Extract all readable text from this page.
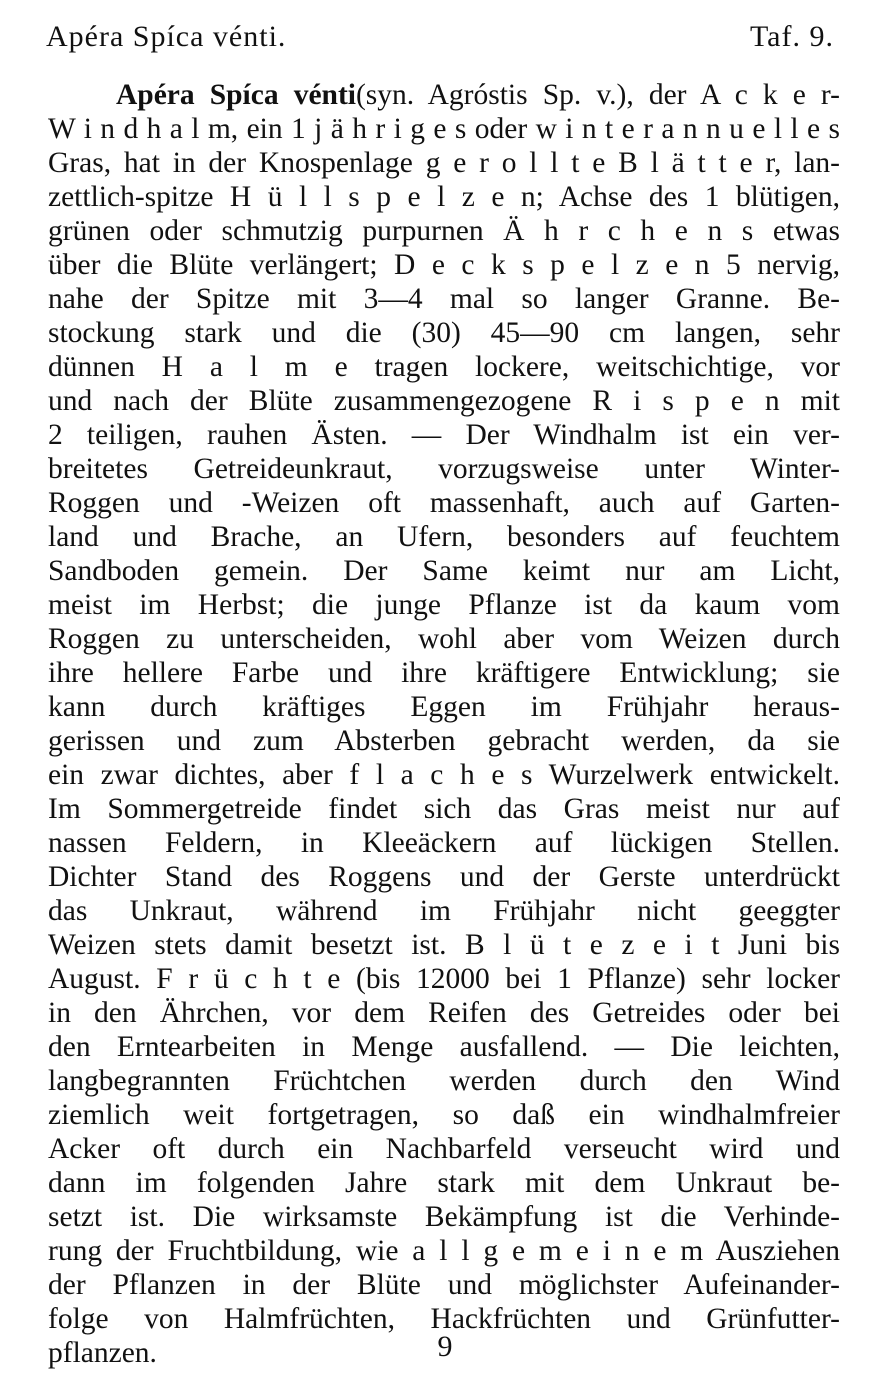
Apéra Spíca vénti.	Taf. 9.
Apéra Spíca vénti(syn. Agróstis Sp. v.), der A c k e r-
W i n d h a l m, ein 1 j ä h r i g e s oder w i n t e r a n n u e l l e s
Gras, hat in der Knospenlage g e r o l l t e B l ä t t e r, lan-
zettlich-spitze H ü l l s p e l z e n; Achse des 1 blütigen,
grünen oder schmutzig purpurnen Ä h r c h e n s etwas
über die Blüte verlängert; D e c k s p e l z e n 5 nervig,
nahe der Spitze mit 3—4 mal so langer Granne. Be-
stockung stark und die (30) 45—90 cm langen, sehr
dünnen H a l m e tragen lockere, weitschichtige, vor
und nach der Blüte zusammengezogene R i s p e n mit
2 teiligen, rauhen Ästen. — Der Windhalm ist ein ver-
breitetes Getreideunkraut, vorzugsweise unter Winter-
Roggen und -Weizen oft massenhaft, auch auf Garten-
land und Brache, an Ufern, besonders auf feuchtem
Sandboden gemein. Der Same keimt nur am Licht,
meist im Herbst; die junge Pflanze ist da kaum vom
Roggen zu unterscheiden, wohl aber vom Weizen durch
ihre hellere Farbe und ihre kräftigere Entwicklung; sie
kann durch kräftiges Eggen im Frühjahr heraus-
gerissen und zum Absterben gebracht werden, da sie
ein zwar dichtes, aber f l a c h e s Wurzelwerk entwickelt.
Im Sommergetreide findet sich das Gras meist nur auf
nassen Feldern, in Kleeäckern auf lückigen Stellen.
Dichter Stand des Roggens und der Gerste unterdrückt
das Unkraut, während im Frühjahr nicht geeggter
Weizen stets damit besetzt ist. B l ü t e z e i t Juni bis
August. F r ü c h t e (bis 12000 bei 1 Pflanze) sehr locker
in den Ährchen, vor dem Reifen des Getreides oder bei
den Erntearbeiten in Menge ausfallend. — Die leichten,
langbegrannten Früchtchen werden durch den Wind
ziemlich weit fortgetragen, so daß ein windhalmfreier
Acker oft durch ein Nachbarfeld verseucht wird und
dann im folgenden Jahre stark mit dem Unkraut be-
setzt ist. Die wirksamste Bekämpfung ist die Verhinde-
rung der Fruchtbildung, wie a l l g e m e i n e m Ausziehen
der Pflanzen in der Blüte und möglichster Aufeinander-
folge von Halmfrüchten, Hackfrüchten und Grünfutter-
pflanzen.	9
